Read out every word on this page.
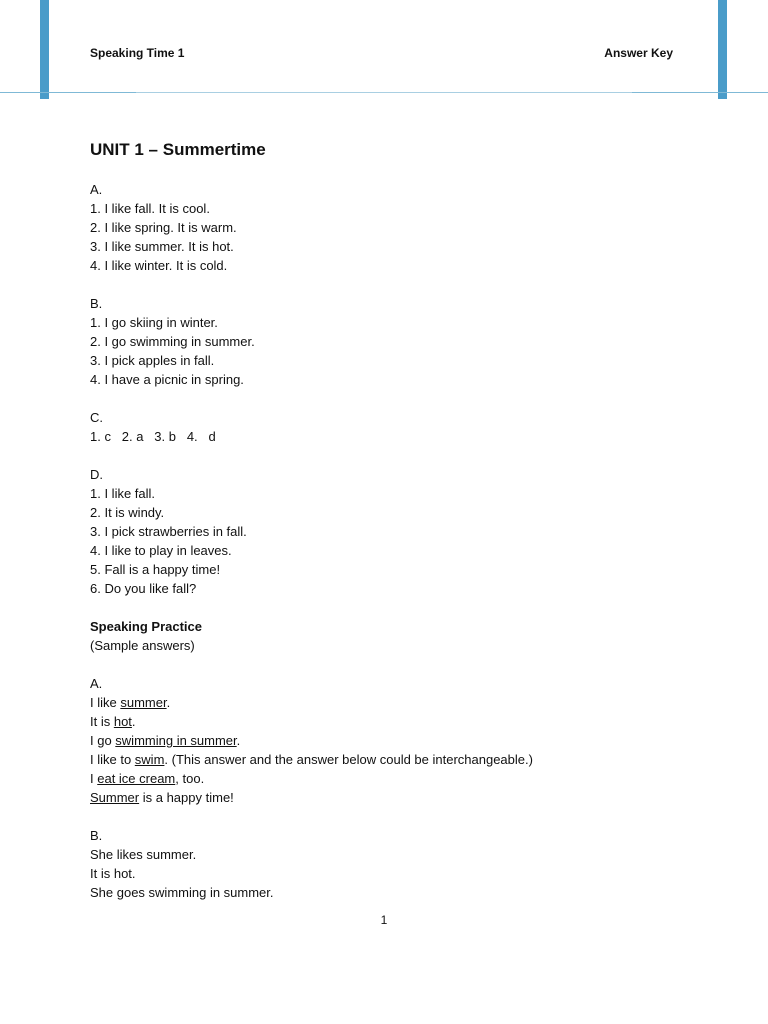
Speaking Time 1	Answer Key
UNIT 1 – Summertime
A.
1. I like fall. It is cool.
2. I like spring. It is warm.
3. I like summer. It is hot.
4. I like winter. It is cold.
B.
1. I go skiing in winter.
2. I go swimming in summer.
3. I pick apples in fall.
4. I have a picnic in spring.
C.
1. c   2. a   3. b   4.   d
D.
1. I like fall.
2. It is windy.
3. I pick strawberries in fall.
4. I like to play in leaves.
5. Fall is a happy time!
6. Do you like fall?
Speaking Practice
(Sample answers)
A.
I like summer.
It is hot.
I go swimming in summer.
I like to swim. (This answer and the answer below could be interchangeable.)
I eat ice cream, too.
Summer is a happy time!
B.
She likes summer.
It is hot.
She goes swimming in summer.
1
